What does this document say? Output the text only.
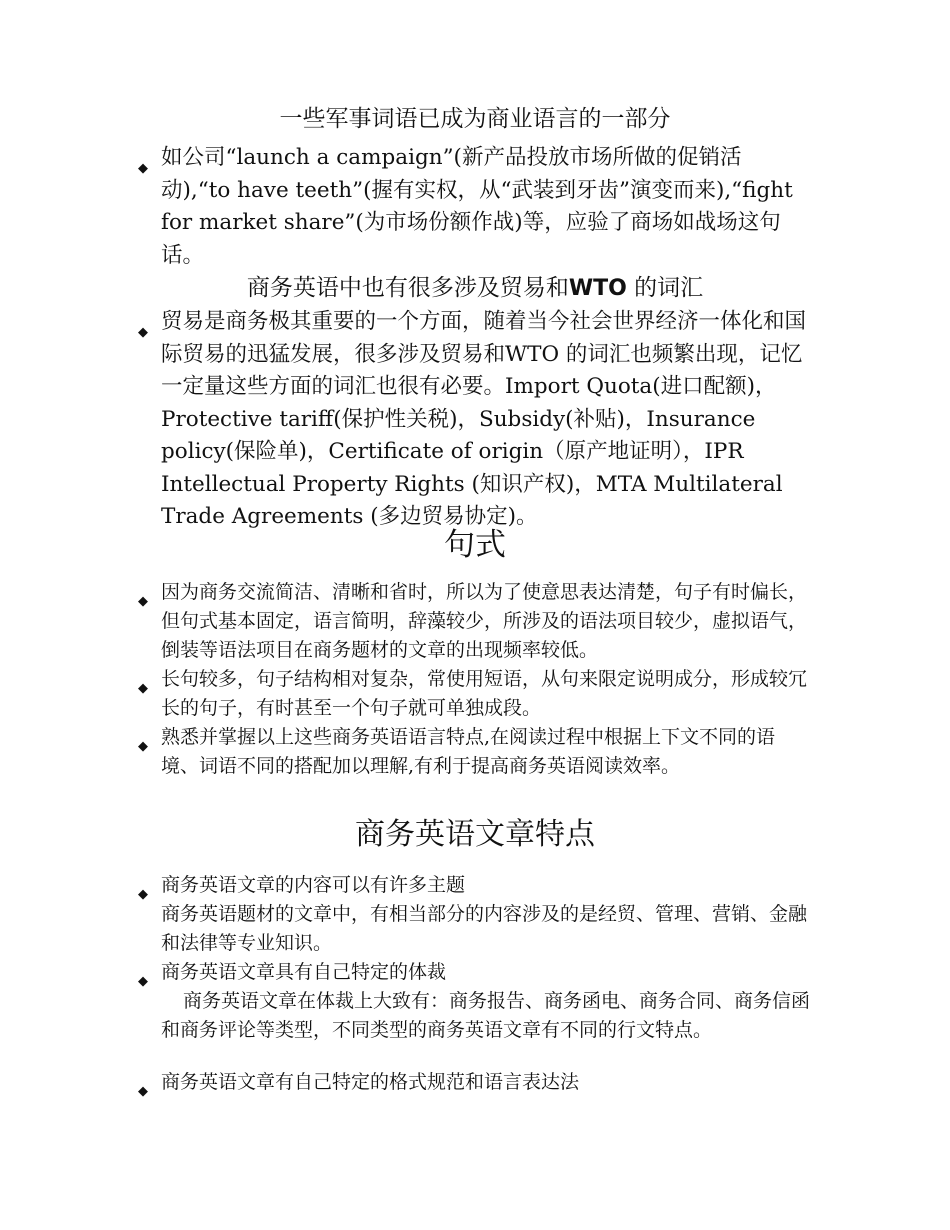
一些军事词语已成为商业语言的一部分
◆ 如公司“launch a campaign”(新产品投放市场所做的促销活动),“to have teeth”(握有实权，从“武装到牙齿”演变而来),“fight for market share”(为市场份额作战)等，应验了商场如战场这句话。
商务英语中也有很多涉及贸易和WTO 的词汇
◆ 贸易是商务极其重要的一个方面，随着当今社会世界经济一体化和国际贸易的迅猛发展，很多涉及贸易和WTO 的词汇也频繁出现，记忆一定量这些方面的词汇也很有必要。Import Quota(进口配额)，Protective tariff(保护性关税)，Subsidy(补贴)，Insurance policy(保险单)，Certificate of origin（原产地证明），IPR Intellectual Property Rights (知识产权)，MTA Multilateral Trade Agreements (多边贸易协定)。
句式
◆ 因为商务交流简洁、清晰和省时，所以为了使意思表达清楚，句子有时偏长，但句式基本固定，语言简明，辞藻较少，所涉及的语法项目较少，虚拟语气，倒装等语法项目在商务题材的文章的出现频率较低。
◆ 长句较多，句子结构相对复杂，常使用短语，从句来限定说明成分，形成较冗长的句子，有时甚至一个句子就可单独成段。
◆ 熟悉并掌握以上这些商务英语语言特点,在阅读过程中根据上下文不同的语境、词语不同的搭配加以理解,有利于提高商务英语阅读效率。
商务英语文章特点
◆ 商务英语文章的内容可以有许多主题
商务英语题材的文章中，有相当部分的内容涉及的是经贸、管理、营销、金融和法律等专业知识。
◆ 商务英语文章具有自己特定的体裁
商务英语文章在体裁上大致有：商务报告、商务函电、商务合同、商务信函和商务评论等类型，不同类型的商务英语文章有不同的行文特点。
◆ 商务英语文章有自己特定的格式规范和语言表达法
